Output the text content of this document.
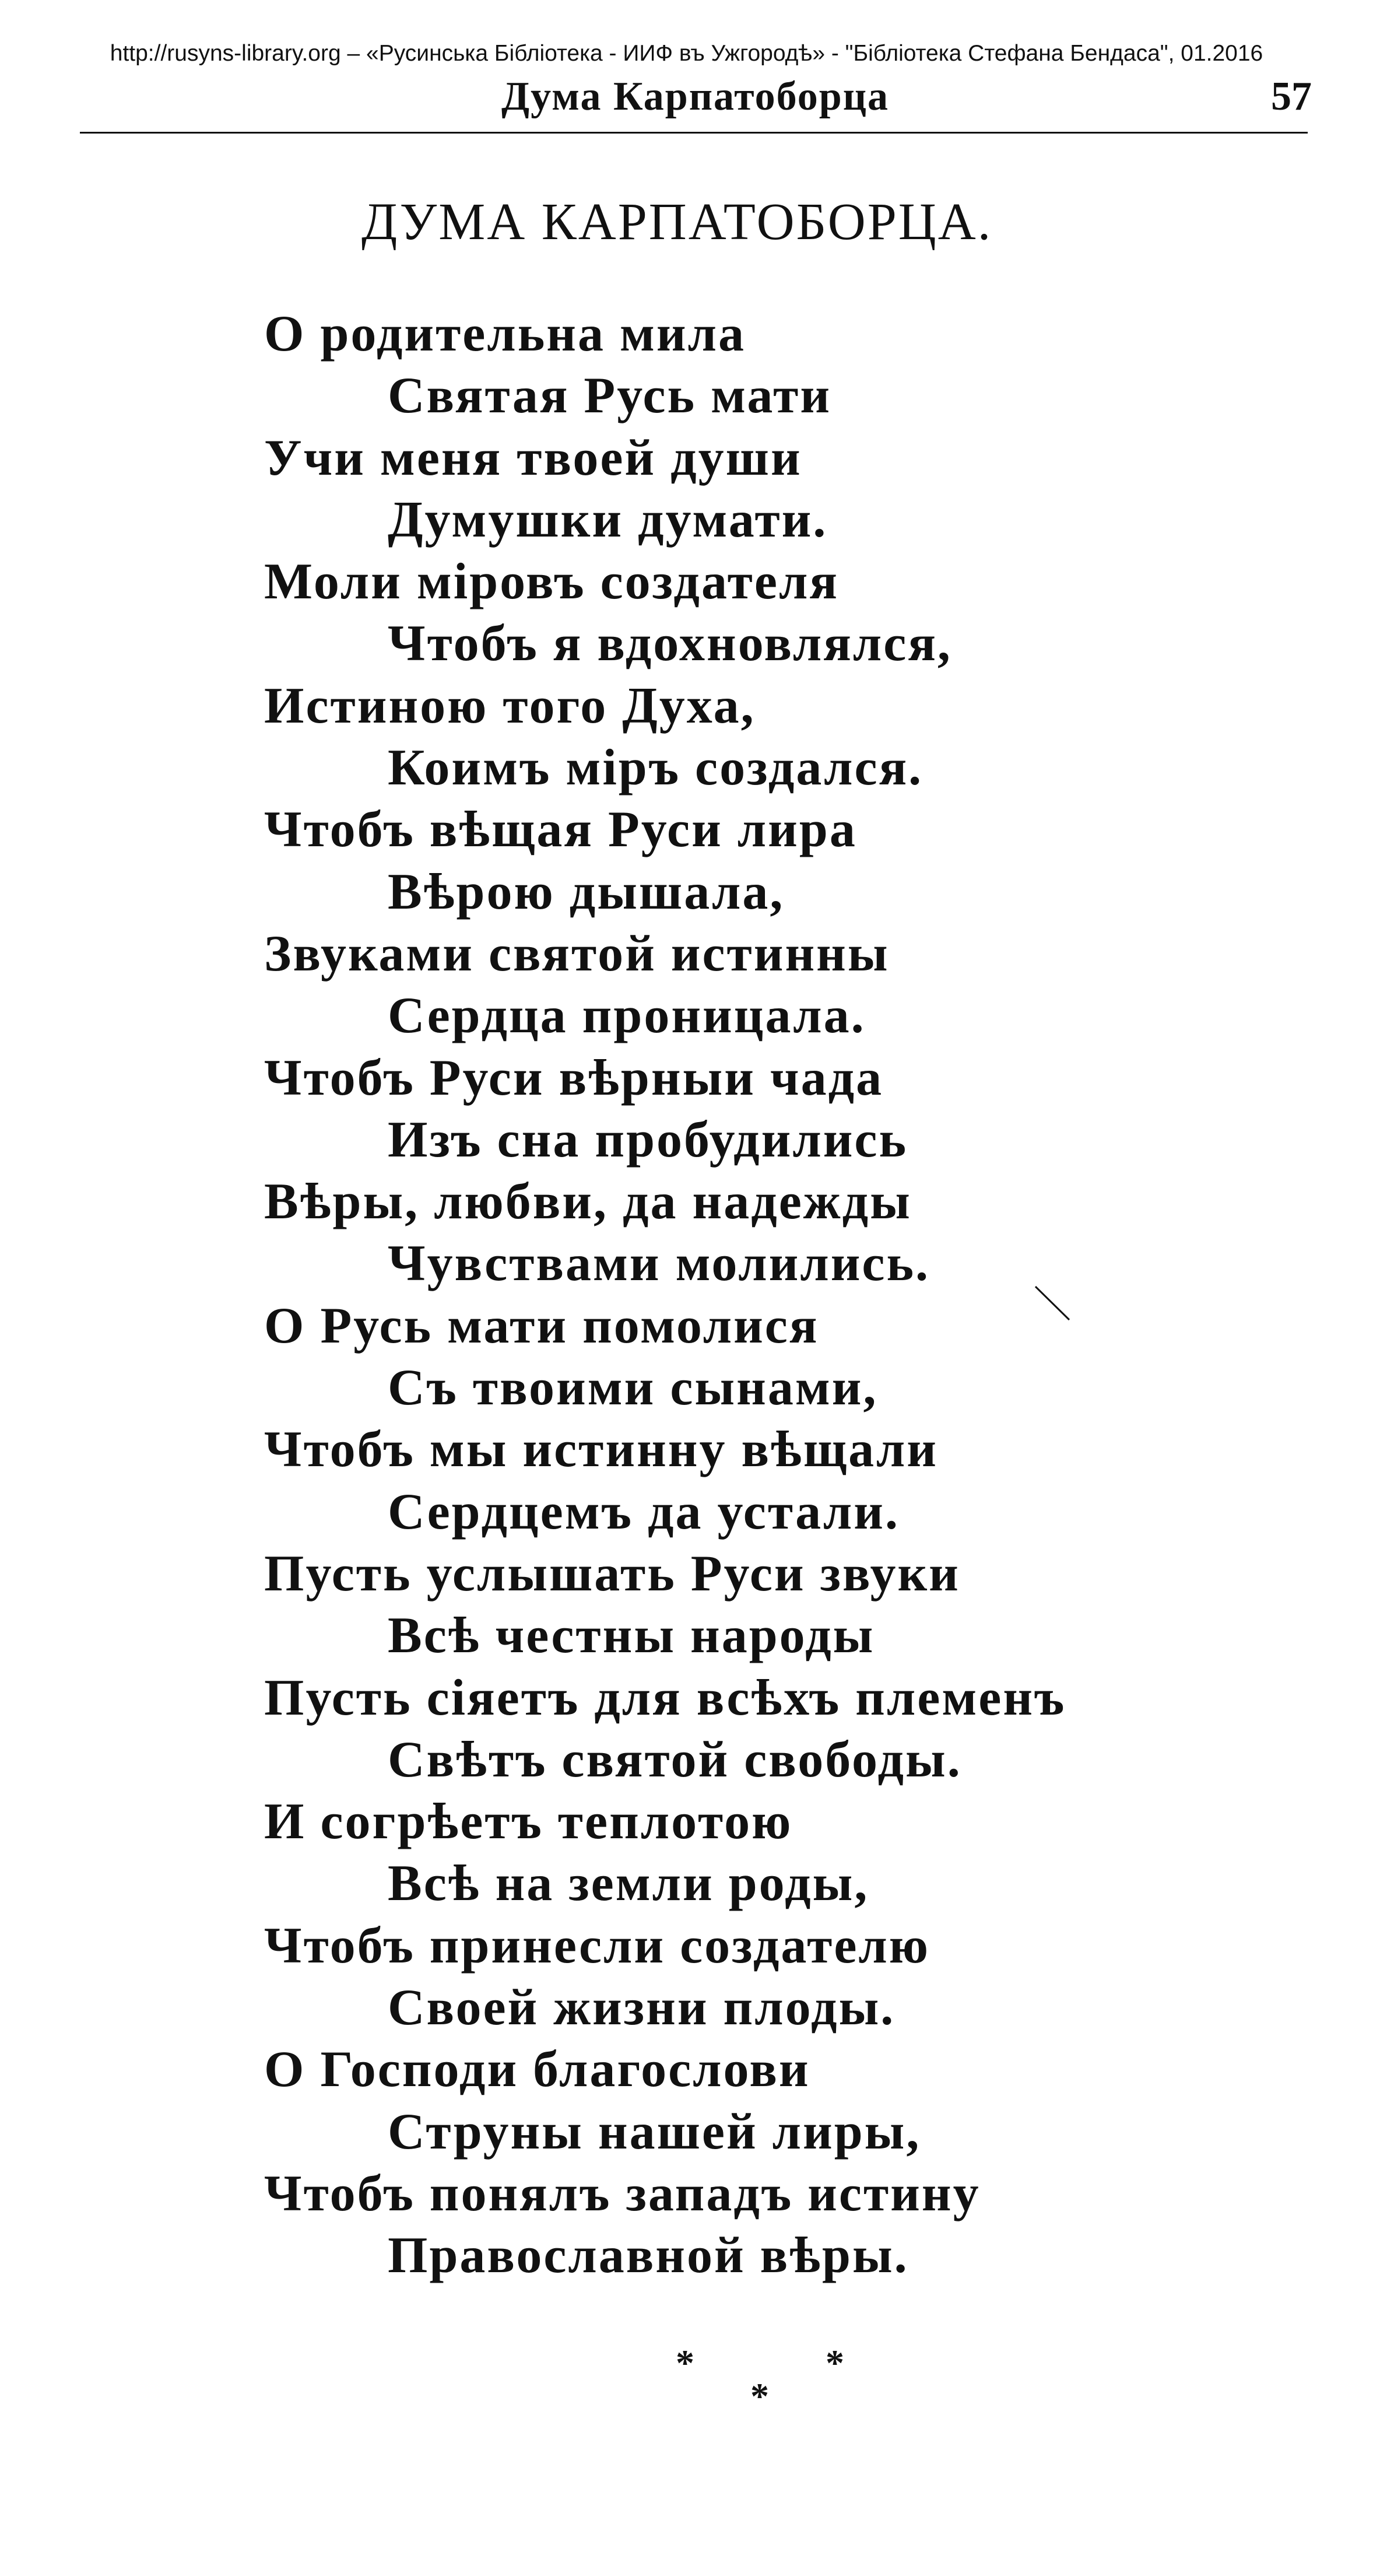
http://rusyns-library.org – «Русинська Бібліотека - ИИФ въ Ужгородѣ» - "Бібліотека Стефана Бендаса", 01.2016
Дума Карпатоборца	57
ДУМА КАРПАТОБОРЦА.
О родительна мила
Святая Русь мати
Учи меня твоей души
Думушки думати.
Моли міровъ создателя
Чтобъ я вдохновлялся,
Истиною того Духа,
Коимъ міръ создался.
Чтобъ вѣщая Руси лира
Вѣрою дышала,
Звуками святой истинны
Сердца проницала.
Чтобъ Руси вѣрныи чада
Изъ сна пробудились
Вѣры, любви, да надежды
Чувствами молились.
О Русь мати помолися
Съ твоими сынами,
Чтобъ мы истинну вѣщали
Сердцемъ да устали.
Пусть услышать Руси звуки
Всѣ честны народы
Пусть сіяетъ для всѣхъ племенъ
Свѣтъ святой свободы.
И согрѣетъ теплотою
Всѣ на земли роды,
Чтобъ принесли создателю
Своей жизни плоды.
О Господи благослови
Струны нашей лиры,
Чтобъ понялъ западъ истину
Православной вѣры.
*	*
*
